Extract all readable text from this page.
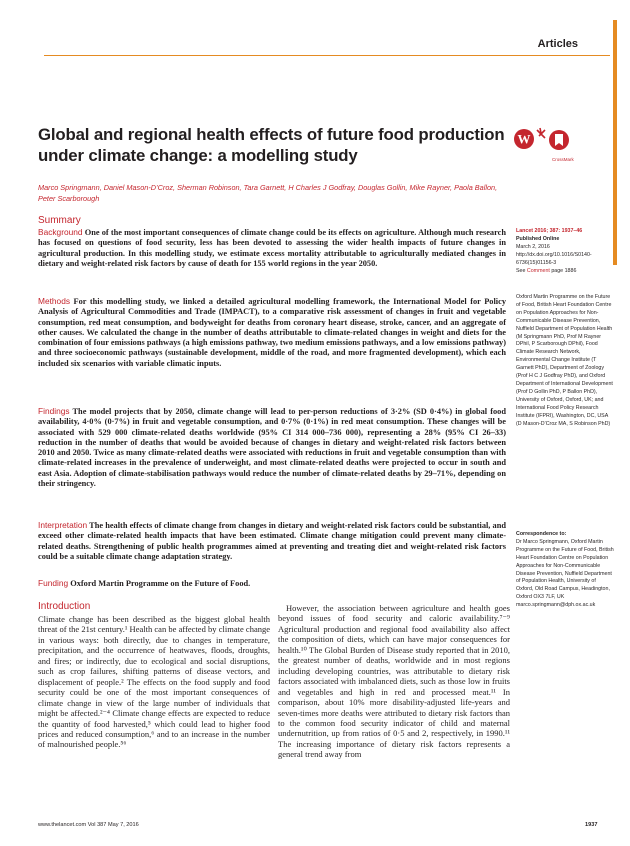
Articles
Global and regional health effects of future food production under climate change: a modelling study
W
CrossMark
Marco Springmann, Daniel Mason-D’Croz, Sherman Robinson, Tara Garnett, H Charles J Godfray, Douglas Gollin, Mike Rayner, Paola Ballon, Peter Scarborough
Summary

Background One of the most important consequences of climate change could be its effects on agriculture. Although much research has focused on questions of food security, less has been devoted to assessing the wider health impacts of future changes in agricultural production. In this modelling study, we estimate excess mortality attributable to agriculturally mediated changes in dietary and weight-related risk factors by cause of death for 155 world regions in the year 2050.

Methods For this modelling study, we linked a detailed agricultural modelling framework, the International Model for Policy Analysis of Agricultural Commodities and Trade (IMPACT), to a comparative risk assessment of changes in fruit and vegetable consumption, red meat consumption, and bodyweight for deaths from coronary heart disease, stroke, cancer, and an aggregate of other causes. We calculated the change in the number of deaths attributable to climate-related changes in weight and diets for the combination of four emissions pathways (a high emissions pathway, two medium emissions pathways, and a low emissions pathway) and three socioeconomic pathways (sustainable development, middle of the road, and more fragmented development), which each included six scenarios with variable climatic inputs.

Findings The model projects that by 2050, climate change will lead to per-person reductions of 3·2% (SD 0·4%) in global food availability, 4·0% (0·7%) in fruit and vegetable consumption, and 0·7% (0·1%) in red meat consumption. These changes will be associated with 529 000 climate-related deaths worldwide (95% CI 314 000–736 000), representing a 28% (95% CI 26–33) reduction in the number of deaths that would be avoided because of changes in dietary and weight-related risk factors between 2010 and 2050. Twice as many climate-related deaths were associated with reductions in fruit and vegetable consumption than with climate-related increases in the prevalence of underweight, and most climate-related deaths were projected to occur in south and east Asia. Adoption of climate-stabilisation pathways would reduce the number of climate-related deaths by 29–71%, depending on their stringency.

Interpretation The health effects of climate change from changes in dietary and weight-related risk factors could be substantial, and exceed other climate-related health impacts that have been estimated. Climate change mitigation could prevent many climate-related deaths. Strengthening of public health programmes aimed at preventing and treating diet and weight-related risk factors could be a suitable climate change adaptation strategy.

Funding Oxford Martin Programme on the Future of Food.

Lancet 2016; 387: 1937–46
Published Online
March 2, 2016
http://dx.doi.org/10.1016/S0140-6736(15)01156-3
See Comment page 1886
Oxford Martin Programme on the Future of Food, British Heart Foundation Centre on Population Approaches for Non-Communicable Disease Prevention, Nuffield Department of Population Health (M Springmann PhD, Prof M Rayner DPhil, P Scarborough DPhil), Food Climate Research Network, Environmental Change Institute (T Garnett PhD), Department of Zoology (Prof H C J Godfray PhD), and Oxford Department of International Development (Prof D Gollin PhD, P Ballon PhD), University of Oxford, Oxford, UK; and International Food Policy Research Institute (IFPRI), Washington, DC, USA (D Mason-D’Croz MA, S Robinson PhD)
Correspondence to:
Dr Marco Springmann, Oxford Martin Programme on the Future of Food, British Heart Foundation Centre on Population Approaches for Non-Communicable Disease Prevention, Nuffield Department of Population Health, University of Oxford, Old Road Campus, Headington, Oxford OX3 7LF, UK
marco.springmann@dph.ox.ac.uk
Introduction

Climate change has been described as the biggest global health threat of the 21st century.¹ Health can be affected by climate change in various ways: both directly, due to changes in temperature, precipitation, and the occurrence of heatwaves, floods, droughts, and fires; or indirectly, due to ecological and social disruptions, such as crop failures, shifting patterns of disease vectors, and displacement of people.² The effects on the food supply and food security could be one of the most important consequences of climate change in view of the large number of individuals that might be affected.²⁻⁴ Climate change effects are expected to reduce the quantity of food harvested,⁵ which could lead to higher food prices and reduced consumption,⁶ and to an increase in the number of malnourished people.⁵⁶

However, the association between agriculture and health goes beyond issues of food security and caloric availability.⁷⁻⁹ Agricultural production and regional food availability also affect the composition of diets, which can have major consequences for health.¹⁰ The Global Burden of Disease study reported that in 2010, the greatest number of deaths, worldwide and in most regions including developing countries, was attributable to dietary risk factors associated with imbalanced diets, such as those low in fruits and vegetables and high in red and processed meat.¹¹ In comparison, about 10% more disability-adjusted life-years and seven-times more deaths were attributed to dietary risk factors than to the common food security indicator of child and maternal undernutrition, up from ratios of 0·5 and 2, respectively, in 1990.¹¹ The increasing importance of dietary risk factors represents a general trend away from

www.thelancet.com Vol 387 May 7, 2016	1937
